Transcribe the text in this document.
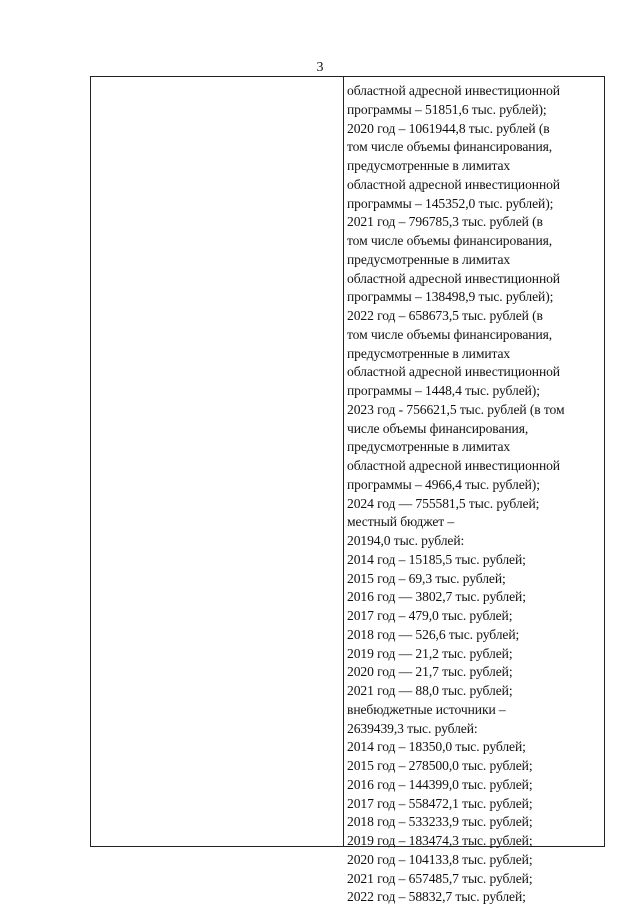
3
областной адресной инвестиционной
программы – 51851,6 тыс. рублей);
2020 год – 1061944,8 тыс. рублей (в
том числе объемы финансирования,
предусмотренные в лимитах
областной адресной инвестиционной
программы – 145352,0 тыс. рублей);
2021 год – 796785,3 тыс. рублей (в
том числе объемы финансирования,
предусмотренные в лимитах
областной адресной инвестиционной
программы – 138498,9 тыс. рублей);
2022 год – 658673,5 тыс. рублей (в
том числе объемы финансирования,
предусмотренные в лимитах
областной адресной инвестиционной
программы – 1448,4 тыс. рублей);
2023 год - 756621,5 тыс. рублей (в том
числе объемы финансирования,
предусмотренные в лимитах
областной адресной инвестиционной
программы – 4966,4 тыс. рублей);
2024 год — 755581,5 тыс. рублей;
местный бюджет –
20194,0 тыс. рублей:
2014 год – 15185,5 тыс. рублей;
2015 год – 69,3 тыс. рублей;
2016 год — 3802,7 тыс. рублей;
2017 год – 479,0 тыс. рублей;
2018 год — 526,6 тыс. рублей;
2019 год — 21,2 тыс. рублей;
2020 год — 21,7 тыс. рублей;
2021 год — 88,0 тыс. рублей;
внебюджетные источники –
2639439,3 тыс. рублей:
2014 год – 18350,0 тыс. рублей;
2015 год – 278500,0 тыс. рублей;
2016 год – 144399,0 тыс. рублей;
2017 год – 558472,1 тыс. рублей;
2018 год – 533233,9 тыс. рублей;
2019 год – 183474,3 тыс. рублей;
2020 год – 104133,8 тыс. рублей;
2021 год – 657485,7 тыс. рублей;
2022 год – 58832,7 тыс. рублей;
